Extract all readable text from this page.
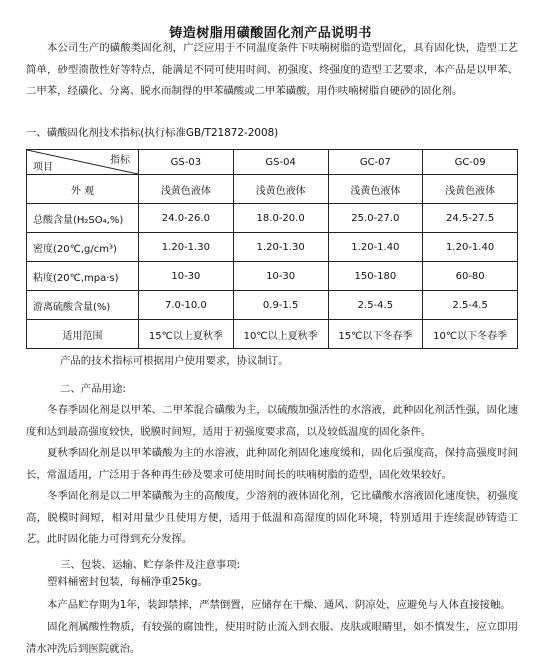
铸造树脂用磺酸固化剂产品说明书
本公司生产的磺酸类固化剂，广泛应用于不同温度条件下呋喃树脂的造型固化，具有固化快，造型工艺简单，砂型溃散性好等特点，能满足不同可使用时间、初强度、终强度的造型工艺要求，本产品是以甲苯、二甲苯，经磺化、分离、脱水而制得的甲苯磺酸或二甲苯磺酸，用作呋喃树脂自硬砂的固化剂。
一、磺酸固化剂技术指标(执行标准GB/T21872-2008)
指标
项目	GS-03	GS-04	GC-07	GC-09
外 观	浅黄色液体	浅黄色液体	浅黄色液体	浅黄色液体
总酸含量(H₂SO₄,%)	24.0-26.0	18.0-20.0	25.0-27.0	24.5-27.5
密度(20℃,g/cm³)	1.20-1.30	1.20-1.30	1.20-1.40	1.20-1.40
粘度(20℃,mpa·s)	10-30	10-30	150-180	60-80
游离硫酸含量(%)	7.0-10.0	0.9-1.5	2.5-4.5	2.5-4.5
适用范围	15℃以上夏秋季	10℃以上夏秋季	15℃以下冬春季	10℃以下冬春季
产品的技术指标可根据用户使用要求，协议制订。
二、产品用途:
冬春季固化剂是以甲苯、二甲苯混合磺酸为主，以硫酸加强活性的水溶液，此种固化剂活性强，固化速度和达到最高强度较快，脱膜时间短，适用于初强度要求高，以及较低温度的固化条件。
夏秋季固化剂是以甲苯磺酸为主的水溶液，此种固化剂固化速度缓和，固化后强度高，保持高强度时间长，常温适用，广泛用于各种再生砂及要求可使用时间长的呋喃树脂的造型，固化效果较好。
冬季固化剂是以二甲苯磺酸为主的高酸度，少溶剂的液体固化剂，它比磺酸水溶液固化速度快，初强度高，脱模时间短，相对用量少且使用方便，适用于低温和高湿度的固化环境，特别适用于连续混砂铸造工艺，此时固化能力可得到充分发挥。
三、包装、运输、贮存条件及注意事项:
塑料桶密封包装，每桶净重25kg。
本产品贮存期为1年，装卸禁摔，严禁倒置，应储存在干燥、通风、阴凉处，应避免与人体直接接触。
固化剂属酸性物质，有较强的腐蚀性，使用时防止流入到衣服、皮肤或眼睛里，如不慎发生，应立即用清水冲洗后到医院就治。
